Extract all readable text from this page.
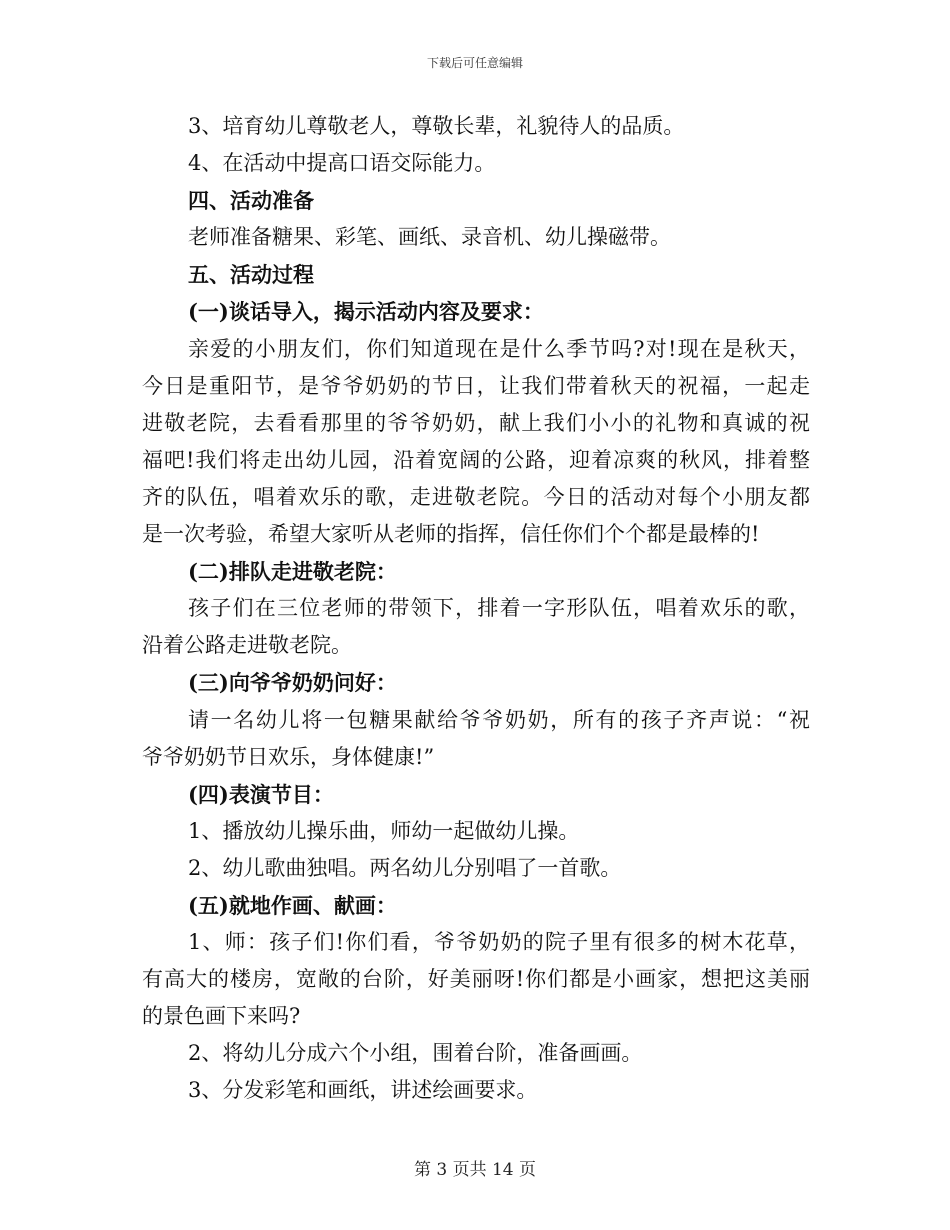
下载后可任意编辑
3、培育幼儿尊敬老人，尊敬长辈，礼貌待人的品质。
4、在活动中提高口语交际能力。
四、活动准备
老师准备糖果、彩笔、画纸、录音机、幼儿操磁带。
五、活动过程
(一)谈话导入，揭示活动内容及要求：
亲爱的小朋友们，你们知道现在是什么季节吗?对!现在是秋天，
今日是重阳节，是爷爷奶奶的节日，让我们带着秋天的祝福，一起走
进敬老院，去看看那里的爷爷奶奶，献上我们小小的礼物和真诚的祝
福吧!我们将走出幼儿园，沿着宽阔的公路，迎着凉爽的秋风，排着整
齐的队伍，唱着欢乐的歌，走进敬老院。今日的活动对每个小朋友都
是一次考验，希望大家听从老师的指挥，信任你们个个都是最棒的!
(二)排队走进敬老院：
孩子们在三位老师的带领下，排着一字形队伍，唱着欢乐的歌，
沿着公路走进敬老院。
(三)向爷爷奶奶问好：
请一名幼儿将一包糖果献给爷爷奶奶，所有的孩子齐声说：“祝
爷爷奶奶节日欢乐，身体健康!”
(四)表演节目：
1、播放幼儿操乐曲，师幼一起做幼儿操。
2、幼儿歌曲独唱。两名幼儿分别唱了一首歌。
(五)就地作画、献画：
1、师：孩子们!你们看，爷爷奶奶的院子里有很多的树木花草，
有高大的楼房，宽敞的台阶，好美丽呀!你们都是小画家，想把这美丽
的景色画下来吗?
2、将幼儿分成六个小组，围着台阶，准备画画。
3、分发彩笔和画纸，讲述绘画要求。
第 3 页共 14 页
